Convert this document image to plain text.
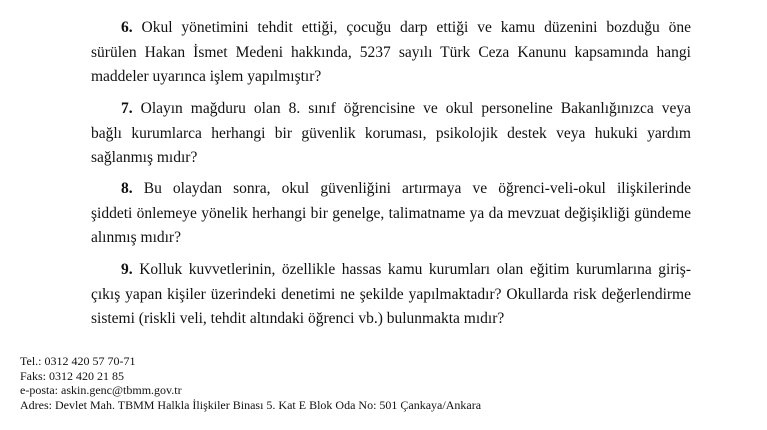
6. Okul yönetimini tehdit ettiği, çocuğu darp ettiği ve kamu düzenini bozduğu öne
sürülen Hakan İsmet Medeni hakkında, 5237 sayılı Türk Ceza Kanunu kapsamında hangi
maddeler uyarınca işlem yapılmıştır?
7. Olayın mağduru olan 8. sınıf öğrencisine ve okul personeline Bakanlığınızca veya
bağlı kurumlarca herhangi bir güvenlik koruması, psikolojik destek veya hukuki yardım
sağlanmış mıdır?
8. Bu olaydan sonra, okul güvenliğini artırmaya ve öğrenci-veli-okul ilişkilerinde
şiddeti önlemeye yönelik herhangi bir genelge, talimatname ya da mevzuat değişikliği gündeme
alınmış mıdır?
9. Kolluk kuvvetlerinin, özellikle hassas kamu kurumları olan eğitim kurumlarına giriş-
çıkış yapan kişiler üzerindeki denetimi ne şekilde yapılmaktadır? Okullarda risk değerlendirme
sistemi (riskli veli, tehdit altındaki öğrenci vb.) bulunmakta mıdır?
Tel.: 0312 420 57 70-71
Faks: 0312 420 21 85
e-posta: askin.genc@tbmm.gov.tr
Adres: Devlet Mah. TBMM Halkla İlişkiler Binası 5. Kat E Blok Oda No: 501 Çankaya/Ankara
